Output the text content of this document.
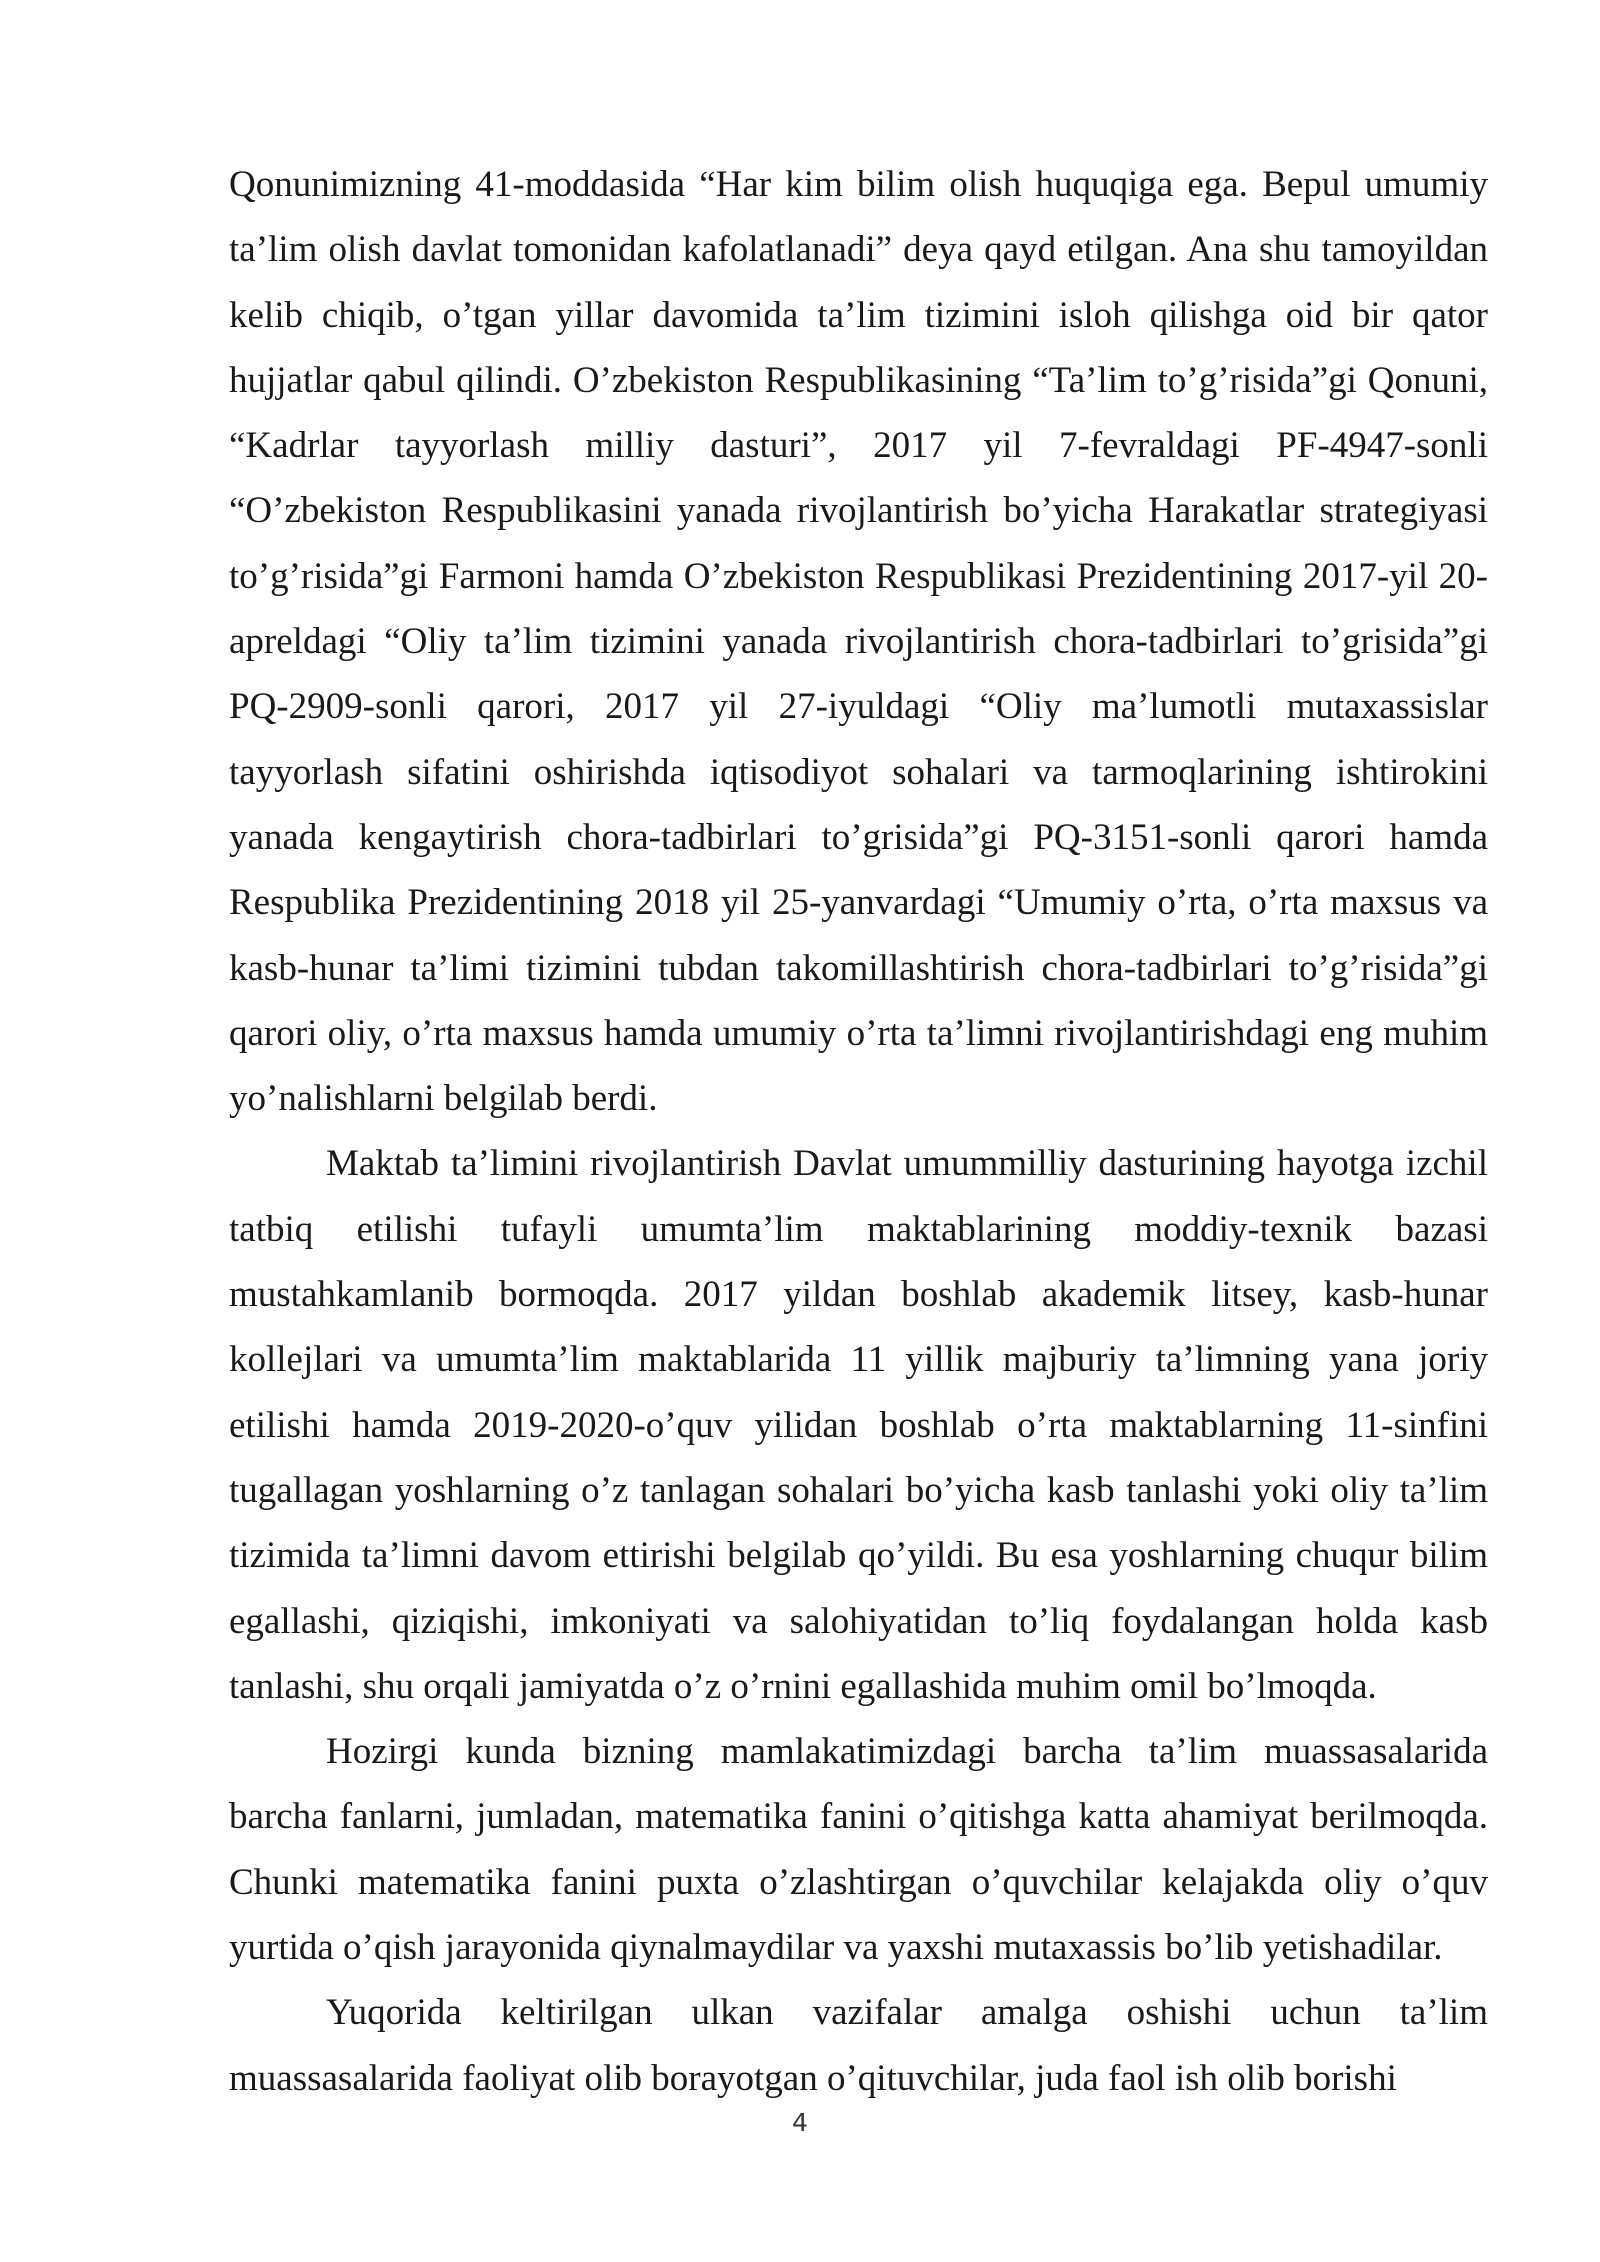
Qonunimizning 41-moddasida “Har kim bilim olish huquqiga ega. Bepul umumiy ta’lim olish davlat tomonidan kafolatlanadi” deya qayd etilgan. Ana shu tamoyildan kelib chiqib, o’tgan yillar davomida ta’lim tizimini isloh qilishga oid bir qator hujjatlar qabul qilindi. O’zbekiston Respublikasining “Ta’lim to’g’risida”gi Qonuni, “Kadrlar tayyorlash milliy dasturi”, 2017 yil 7-fevraldagi PF-4947-sonli “O’zbekiston Respublikasini yanada rivojlantirish bo’yicha Harakatlar strategiyasi to’g’risida”gi Farmoni hamda O’zbekiston Respublikasi Prezidentining 2017-yil 20-apreldagi “Oliy ta’lim tizimini yanada rivojlantirish chora-tadbirlari to’grisida”gi PQ-2909-sonli qarori, 2017 yil 27-iyuldagi “Oliy ma’lumotli mutaxassislar tayyorlash sifatini oshirishda iqtisodiyot sohalari va tarmoqlarining ishtirokini yanada kengaytirish chora-tadbirlari to’grisida”gi PQ-3151-sonli qarori hamda Respublika Prezidentining 2018 yil 25-yanvardagi “Umumiy o’rta, o’rta maxsus va kasb-hunar ta’limi tizimini tubdan takomillashtirish chora-tadbirlari to’g’risida”gi qarori oliy, o’rta maxsus hamda umumiy o’rta ta’limni rivojlantirishdagi eng muhim yo’nalishlarni belgilab berdi.

Maktab ta’limini rivojlantirish Davlat umummilliy dasturining hayotga izchil tatbiq etilishi tufayli umumta’lim maktablarining moddiy-texnik bazasi mustahkamlanib bormoqda. 2017 yildan boshlab akademik litsey, kasb-hunar kollejlari va umumta’lim maktablarida 11 yillik majburiy ta’limning yana joriy etilishi hamda 2019-2020-o’quv yilidan boshlab o’rta maktablarning 11-sinfini tugallagan yoshlarning o’z tanlagan sohalari bo’yicha kasb tanlashi yoki oliy ta’lim tizimida ta’limni davom ettirishi belgilab qo’yildi. Bu esa yoshlarning chuqur bilim egallashi, qiziqishi, imkoniyati va salohiyatidan to’liq foydalangan holda kasb tanlashi, shu orqali jamiyatda o’z o’rnini egallashida muhim omil bo’lmoqda.

Hozirgi kunda bizning mamlakatimizdagi barcha ta’lim muassasalarida barcha fanlarni, jumladan, matematika fanini o’qitishga katta ahamiyat berilmoqda. Chunki matematika fanini puxta o’zlashtirgan o’quvchilar kelajakda oliy o’quv yurtida o’qish jarayonida qiynalmaydilar va yaxshi mutaxassis bo’lib yetishadilar.

Yuqorida keltirilgan ulkan vazifalar amalga oshishi uchun ta’lim muassasalarida faoliyat olib borayotgan o’qituvchilar, juda faol ish olib borishi

4
